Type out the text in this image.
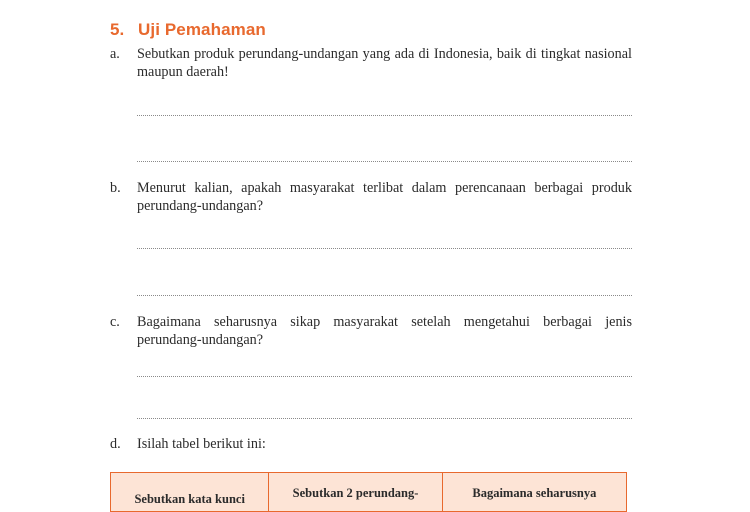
5. Uji Pemahaman
a. Sebutkan produk perundang-undangan yang ada di Indonesia, baik di tingkat nasional maupun daerah!
b. Menurut kalian, apakah masyarakat terlibat dalam perencanaan berbagai produk perundang-undangan?
c. Bagaimana seharusnya sikap masyarakat setelah mengetahui berbagai jenis perundang-undangan?
d. Isilah tabel berikut ini:
Sebutkan kata kunci	Sebutkan 2 perundang-	Bagaimana seharusnya
